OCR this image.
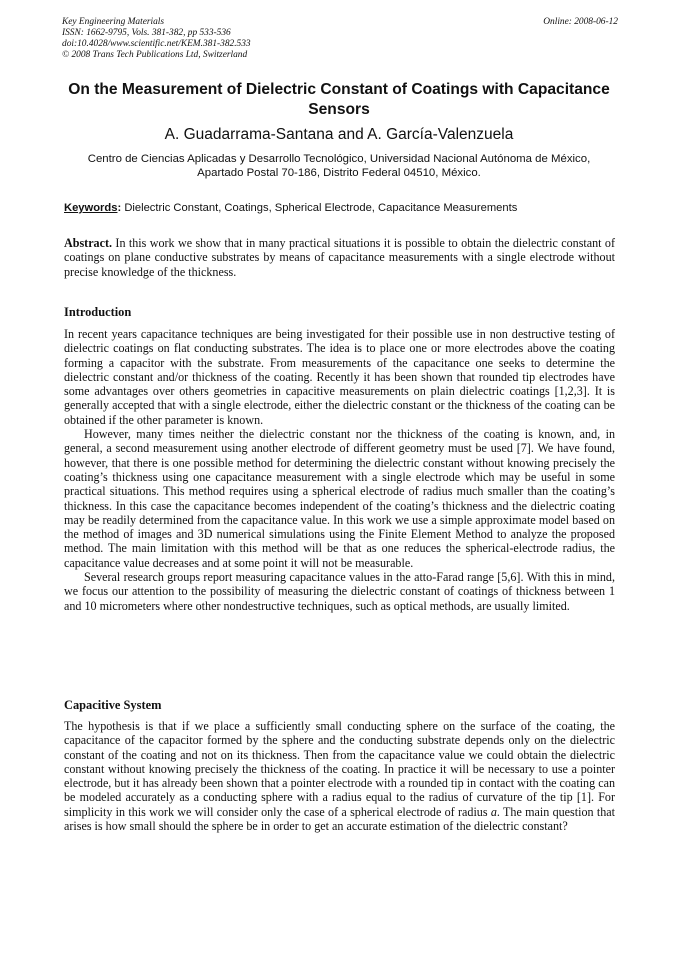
Key Engineering Materials
ISSN: 1662-9795, Vols. 381-382, pp 533-536
doi:10.4028/www.scientific.net/KEM.381-382.533
© 2008 Trans Tech Publications Ltd, Switzerland
Online: 2008-06-12
On the Measurement of Dielectric Constant of Coatings with Capacitance Sensors
A. Guadarrama-Santana and A. García-Valenzuela
Centro de Ciencias Aplicadas y Desarrollo Tecnológico, Universidad Nacional Autónoma de México,
Apartado Postal 70-186, Distrito Federal 04510, México.
Keywords: Dielectric Constant, Coatings, Spherical Electrode, Capacitance Measurements

Abstract. In this work we show that in many practical situations it is possible to obtain the dielectric constant of coatings on plane conductive substrates by means of capacitance measurements with a single electrode without precise knowledge of the thickness.

Introduction

In recent years capacitance techniques are being investigated for their possible use in non destructive testing of dielectric coatings on flat conducting substrates. The idea is to place one or more electrodes above the coating forming a capacitor with the substrate. From measurements of the capacitance one seeks to determine the dielectric constant and/or thickness of the coating. Recently it has been shown that rounded tip electrodes have some advantages over others geometries in capacitive measurements on plain dielectric coatings [1,2,3]. It is generally accepted that with a single electrode, either the dielectric constant or the thickness of the coating can be obtained if the other parameter is known.

However, many times neither the dielectric constant nor the thickness of the coating is known, and, in general, a second measurement using another electrode of different geometry must be used [7]. We have found, however, that there is one possible method for determining the dielectric constant without knowing precisely the coating’s thickness using one capacitance measurement with a single electrode which may be useful in some practical situations. This method requires using a spherical electrode of radius much smaller than the coating’s thickness. In this case the capacitance becomes independent of the coating’s thickness and the dielectric coating may be readily determined from the capacitance value. In this work we use a simple approximate model based on the method of images and 3D numerical simulations using the Finite Element Method to analyze the proposed method. The main limitation with this method will be that as one reduces the spherical-electrode radius, the capacitance value decreases and at some point it will not be measurable.

Several research groups report measuring capacitance values in the atto-Farad range [5,6]. With this in mind, we focus our attention to the possibility of measuring the dielectric constant of coatings of thickness between 1 and 10 micrometers where other nondestructive techniques, such as optical methods, are usually limited.

Capacitive System

The hypothesis is that if we place a sufficiently small conducting sphere on the surface of the coating, the capacitance of the capacitor formed by the sphere and the conducting substrate depends only on the dielectric constant of the coating and not on its thickness. Then from the capacitance value we could obtain the dielectric constant without knowing precisely the thickness of the coating. In practice it will be necessary to use a pointer electrode, but it has already been shown that a pointer electrode with a rounded tip in contact with the coating can be modeled accurately as a conducting sphere with a radius equal to the radius of curvature of the tip [1]. For simplicity in this work we will consider only the case of a spherical electrode of radius a. The main question that arises is how small should the sphere be in order to get an accurate estimation of the dielectric constant?
